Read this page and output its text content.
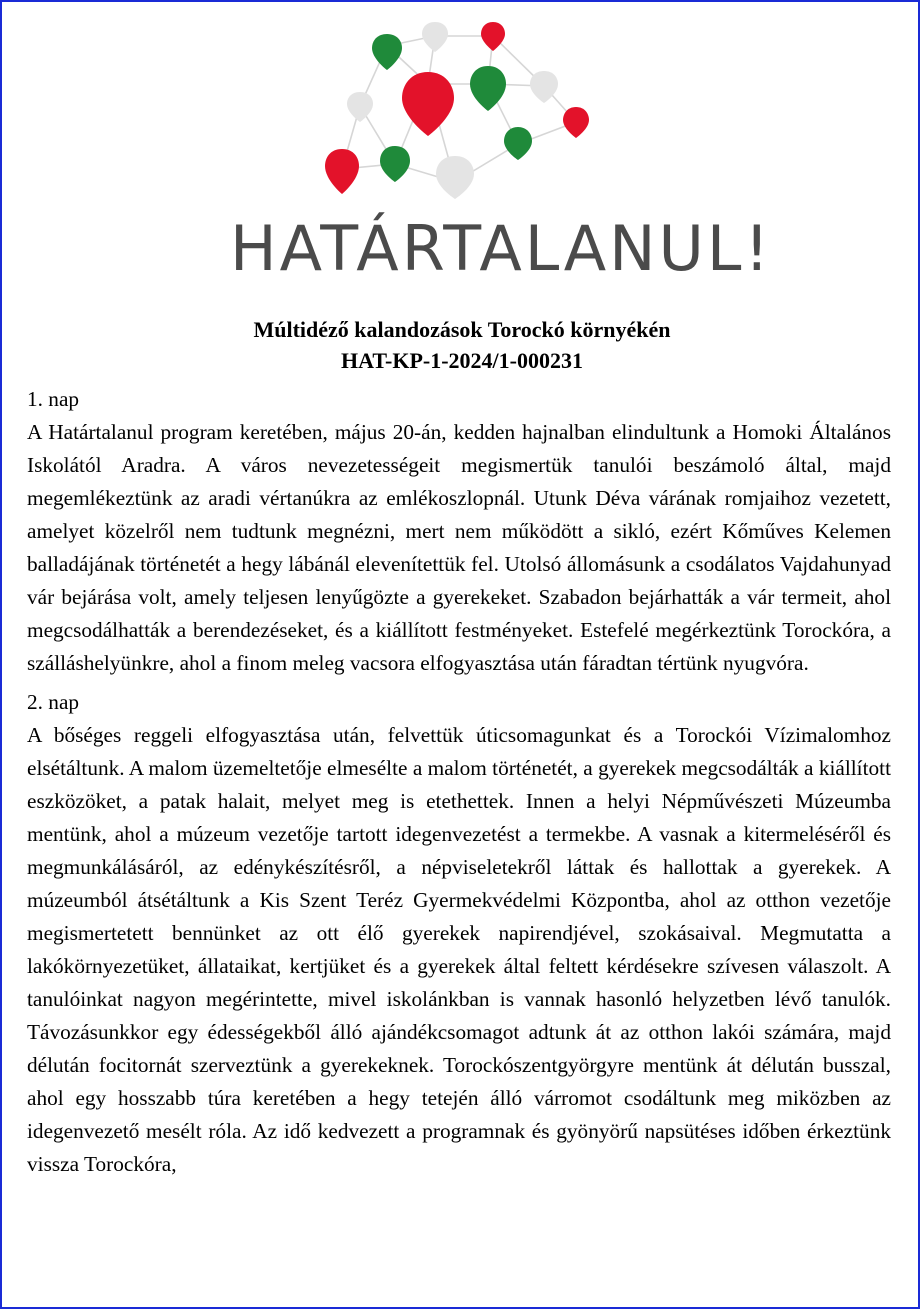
HATÁRTALANUL!
Múltidéző kalandozások Torockó környékén
HAT-KP-1-2024/1-000231

1. nap

A Határtalanul program keretében, május 20-án, kedden hajnalban elindultunk a Homoki Általános Iskolától Aradra. A város nevezetességeit megismertük tanulói beszámoló által, majd megemlékeztünk az aradi vértanúkra az emlékoszlopnál. Utunk Déva várának romjaihoz vezetett, amelyet közelről nem tudtunk megnézni, mert nem működött a sikló, ezért Kőműves Kelemen balladájának történetét a hegy lábánál elevenítettük fel. Utolsó állomásunk a csodálatos Vajdahunyad vár bejárása volt, amely teljesen lenyűgözte a gyerekeket. Szabadon bejárhatták a vár termeit, ahol megcsodálhatták a berendezéseket, és a kiállított festményeket. Estefelé megérkeztünk Torockóra, a szálláshelyünkre, ahol a finom meleg vacsora elfogyasztása után fáradtan tértünk nyugvóra.

2. nap

A bőséges reggeli elfogyasztása után, felvettük úticsomagunkat és a Torockói Vízimalomhoz elsétáltunk. A malom üzemeltetője elmesélte a malom történetét, a gyerekek megcsodálták a kiállított eszközöket, a patak halait, melyet meg is etethettek. Innen a helyi Népművészeti Múzeumba mentünk, ahol a múzeum vezetője tartott idegenvezetést a termekbe. A vasnak a kitermeléséről és megmunkálásáról, az edénykészítésről, a népviseletekről láttak és hallottak a gyerekek. A múzeumból átsétáltunk a Kis Szent Teréz Gyermekvédelmi Központba, ahol az otthon vezetője megismertetett bennünket az ott élő gyerekek napirendjével, szokásaival. Megmutatta a lakókörnyezetüket, állataikat, kertjüket és a gyerekek által feltett kérdésekre szívesen válaszolt. A tanulóinkat nagyon megérintette, mivel iskolánkban is vannak hasonló helyzetben lévő tanulók. Távozásunkkor egy édességekből álló ajándékcsomagot adtunk át az otthon lakói számára, majd délután focitornát szerveztünk a gyerekeknek. Torockószentgyörgyre mentünk át délután busszal, ahol egy hosszabb túra keretében a hegy tetején álló várromot csodáltunk meg miközben az idegenvezető mesélt róla. Az idő kedvezett a programnak és gyönyörű napsütéses időben érkeztünk vissza Torockóra,
